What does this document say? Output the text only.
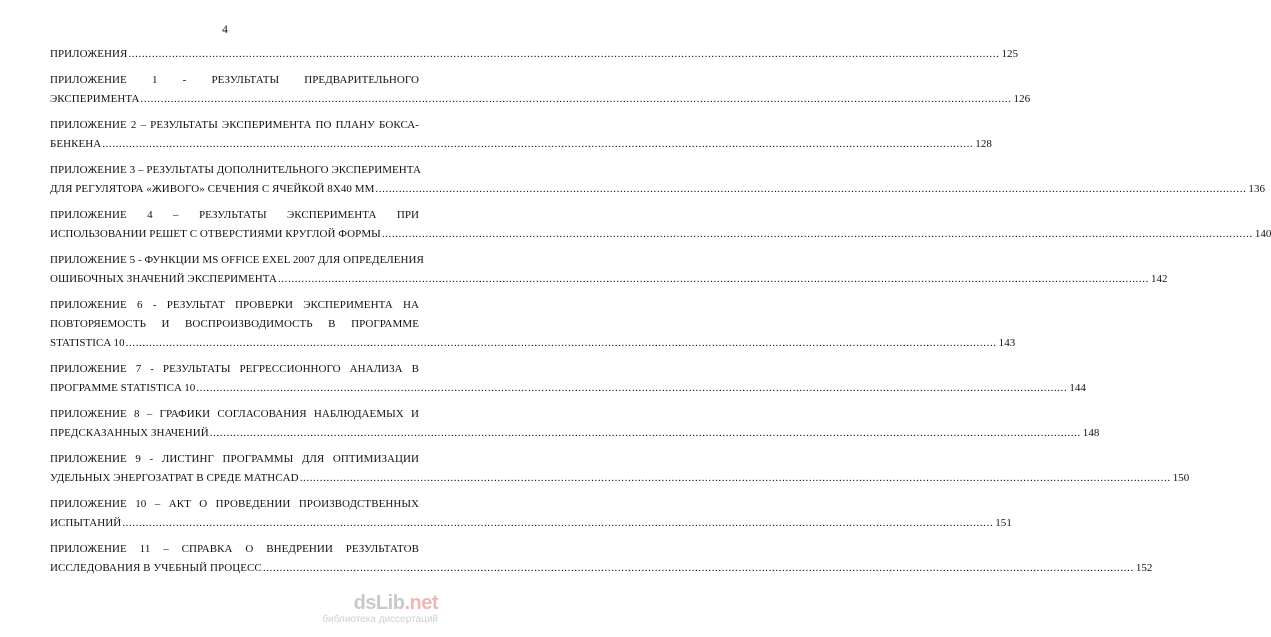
4
ПРИЛОЖЕНИЯ .................................................................................................................................................................................................................................................................... 125
ПРИЛОЖЕНИЕ 1 - РЕЗУЛЬТАТЫ ПРЕДВАРИТЕЛЬНОГО
ЭКСПЕРИМЕНТА .................................................................................................................................................................................................................................................................... 126
ПРИЛОЖЕНИЕ 2 – РЕЗУЛЬТАТЫ ЭКСПЕРИМЕНТА ПО ПЛАНУ БОКСА-
БЕНКЕНА .................................................................................................................................................................................................................................................................... 128
ПРИЛОЖЕНИЕ 3 – РЕЗУЛЬТАТЫ ДОПОЛНИТЕЛЬНОГО ЭКСПЕРИМЕНТА
ДЛЯ РЕГУЛЯТОРА «ЖИВОГО» СЕЧЕНИЯ С ЯЧЕЙКОЙ 8Х40 ММ .................................................................................................................................................................................................................................................................... 136
ПРИЛОЖЕНИЕ 4 – РЕЗУЛЬТАТЫ ЭКСПЕРИМЕНТА ПРИ
ИСПОЛЬЗОВАНИИ РЕШЕТ С ОТВЕРСТИЯМИ КРУГЛОЙ ФОРМЫ .................................................................................................................................................................................................................................................................... 140
ПРИЛОЖЕНИЕ 5 - ФУНКЦИИ MS OFFICE EXEL 2007 ДЛЯ ОПРЕДЕЛЕНИЯ
ОШИБОЧНЫХ ЗНАЧЕНИЙ ЭКСПЕРИМЕНТА .................................................................................................................................................................................................................................................................... 142
ПРИЛОЖЕНИЕ 6 - РЕЗУЛЬТАТ ПРОВЕРКИ ЭКСПЕРИМЕНТА НА
ПОВТОРЯЕМОСТЬ И ВОСПРОИЗВОДИМОСТЬ В ПРОГРАММЕ
STATISTICA 10 .................................................................................................................................................................................................................................................................... 143
ПРИЛОЖЕНИЕ 7 - РЕЗУЛЬТАТЫ РЕГРЕССИОННОГО АНАЛИЗА В
ПРОГРАММЕ STATISTICA 10 .................................................................................................................................................................................................................................................................... 144
ПРИЛОЖЕНИЕ 8 – ГРАФИКИ СОГЛАСОВАНИЯ НАБЛЮДАЕМЫХ И
ПРЕДСКАЗАННЫХ ЗНАЧЕНИЙ .................................................................................................................................................................................................................................................................... 148
ПРИЛОЖЕНИЕ 9 - ЛИСТИНГ ПРОГРАММЫ ДЛЯ ОПТИМИЗАЦИИ
УДЕЛЬНЫХ ЭНЕРГОЗАТРАТ В СРЕДЕ MATHCAD .................................................................................................................................................................................................................................................................... 150
ПРИЛОЖЕНИЕ 10 – АКТ О ПРОВЕДЕНИИ ПРОИЗВОДСТВЕННЫХ
ИСПЫТАНИЙ .................................................................................................................................................................................................................................................................... 151
ПРИЛОЖЕНИЕ 11 – СПРАВКА О ВНЕДРЕНИИ РЕЗУЛЬТАТОВ
ИССЛЕДОВАНИЯ В УЧЕБНЫЙ ПРОЦЕСС .................................................................................................................................................................................................................................................................... 152
dsLib.net
библиотека диссертаций
